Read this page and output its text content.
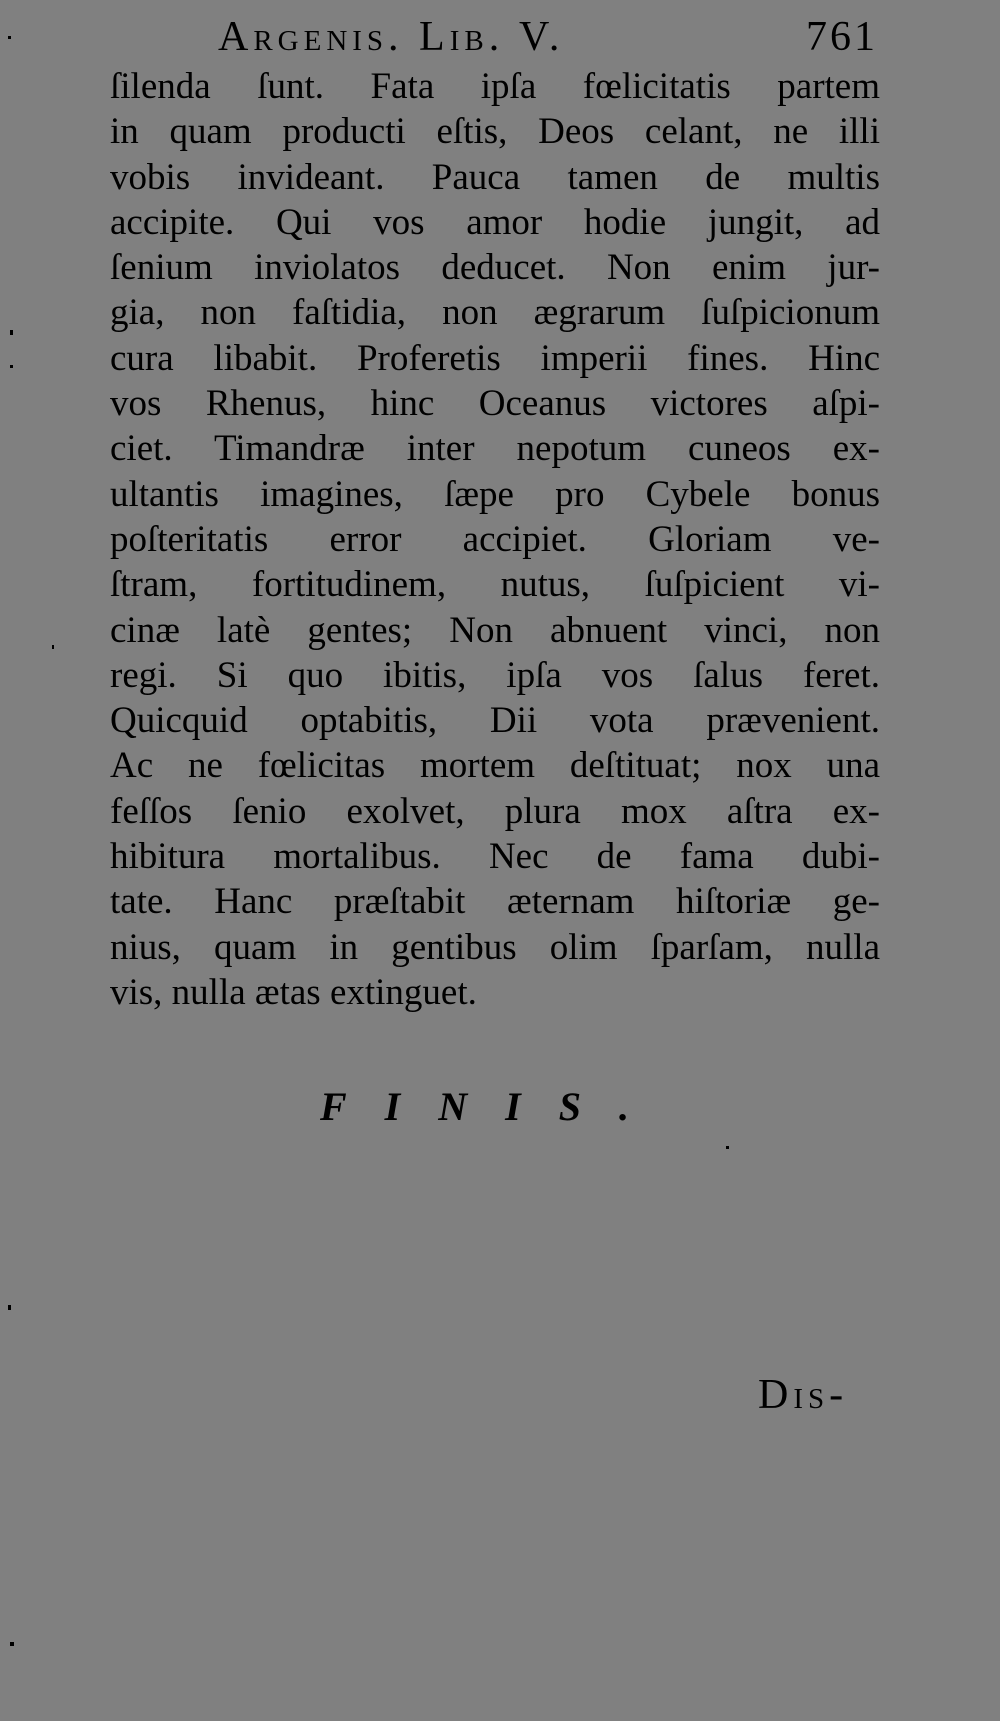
Argenis. Lib. V.	761
ſilenda ſunt. Fata ipſa fœlicitatis partem
in quam producti eſtis, Deos celant, ne illi
vobis invideant. Pauca tamen de multis
accipite. Qui vos amor hodie jungit, ad
ſenium inviolatos deducet. Non enim jur-
gia, non faſtidia, non ægrarum ſuſpicionum
cura libabit. Proferetis imperii fines. Hinc
vos Rhenus, hinc Oceanus victores aſpi-
ciet. Timandræ inter nepotum cuneos ex-
ultantis imagines, ſæpe pro Cybele bonus
poſteritatis error accipiet. Gloriam ve-
ſtram, fortitudinem, nutus, ſuſpicient vi-
cinæ latè gentes; Non abnuent vinci, non
regi. Si quo ibitis, ipſa vos ſalus feret.
Quicquid optabitis, Dii vota prævenient.
Ac ne fœlicitas mortem deſtituat; nox una
feſſos ſenio exolvet, plura mox aſtra ex-
hibitura mortalibus. Nec de fama dubi-
tate. Hanc præſtabit æternam hiſtoriæ ge-
nius, quam in gentibus olim ſparſam, nulla
vis, nulla ætas extinguet.
FINIS.
Dis-
